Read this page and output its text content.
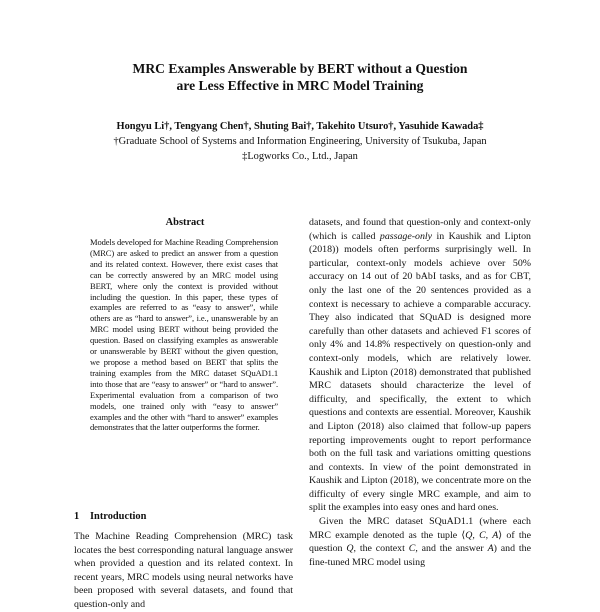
MRC Examples Answerable by BERT without a Question
are Less Effective in MRC Model Training
Hongyu Li†, Tengyang Chen†, Shuting Bai†, Takehito Utsuro†, Yasuhide Kawada‡
†Graduate School of Systems and Information Engineering, University of Tsukuba, Japan
‡Logworks Co., Ltd., Japan
Abstract

Models developed for Machine Reading Comprehension (MRC) are asked to predict an answer from a question and its related context. However, there exist cases that can be correctly answered by an MRC model using BERT, where only the context is provided without including the question. In this paper, these types of examples are referred to as “easy to answer”, while others are as “hard to answer”, i.e., unanswerable by an MRC model using BERT without being provided the question. Based on classifying examples as answerable or unanswerable by BERT without the given question, we propose a method based on BERT that splits the training examples from the MRC dataset SQuAD1.1 into those that are “easy to answer” or “hard to answer”. Experimental evaluation from a comparison of two models, one trained only with “easy to answer” examples and the other with “hard to answer” examples demonstrates that the latter outperforms the former.

1 Introduction

The Machine Reading Comprehension (MRC) task locates the best corresponding natural language answer when provided a question and its related context. In recent years, MRC models using neural networks have been proposed with several datasets, and found that question-only and

datasets, and found that question-only and context-only (which is called passage-only in Kaushik and Lipton (2018)) models often performs surprisingly well. In particular, context-only models achieve over 50% accuracy on 14 out of 20 bAbI tasks, and as for CBT, only the last one of the 20 sentences provided as a context is necessary to achieve a comparable accuracy. They also indicated that SQuAD is designed more carefully than other datasets and achieved F1 scores of only 4% and 14.8% respectively on question-only and context-only models, which are relatively lower. Kaushik and Lipton (2018) demonstrated that published MRC datasets should characterize the level of difficulty, and specifically, the extent to which questions and contexts are essential. Moreover, Kaushik and Lipton (2018) also claimed that follow-up papers reporting improvements ought to report performance both on the full task and variations omitting questions and contexts. In view of the point demonstrated in Kaushik and Lipton (2018), we concentrate more on the difficulty of every single MRC example, and aim to split the examples into easy ones and hard ones.

Given the MRC dataset SQuAD1.1 (where each MRC example denoted as the tuple ⟨Q, C, A⟩ of the question Q, the context C, and the answer A) and the fine-tuned MRC model using
